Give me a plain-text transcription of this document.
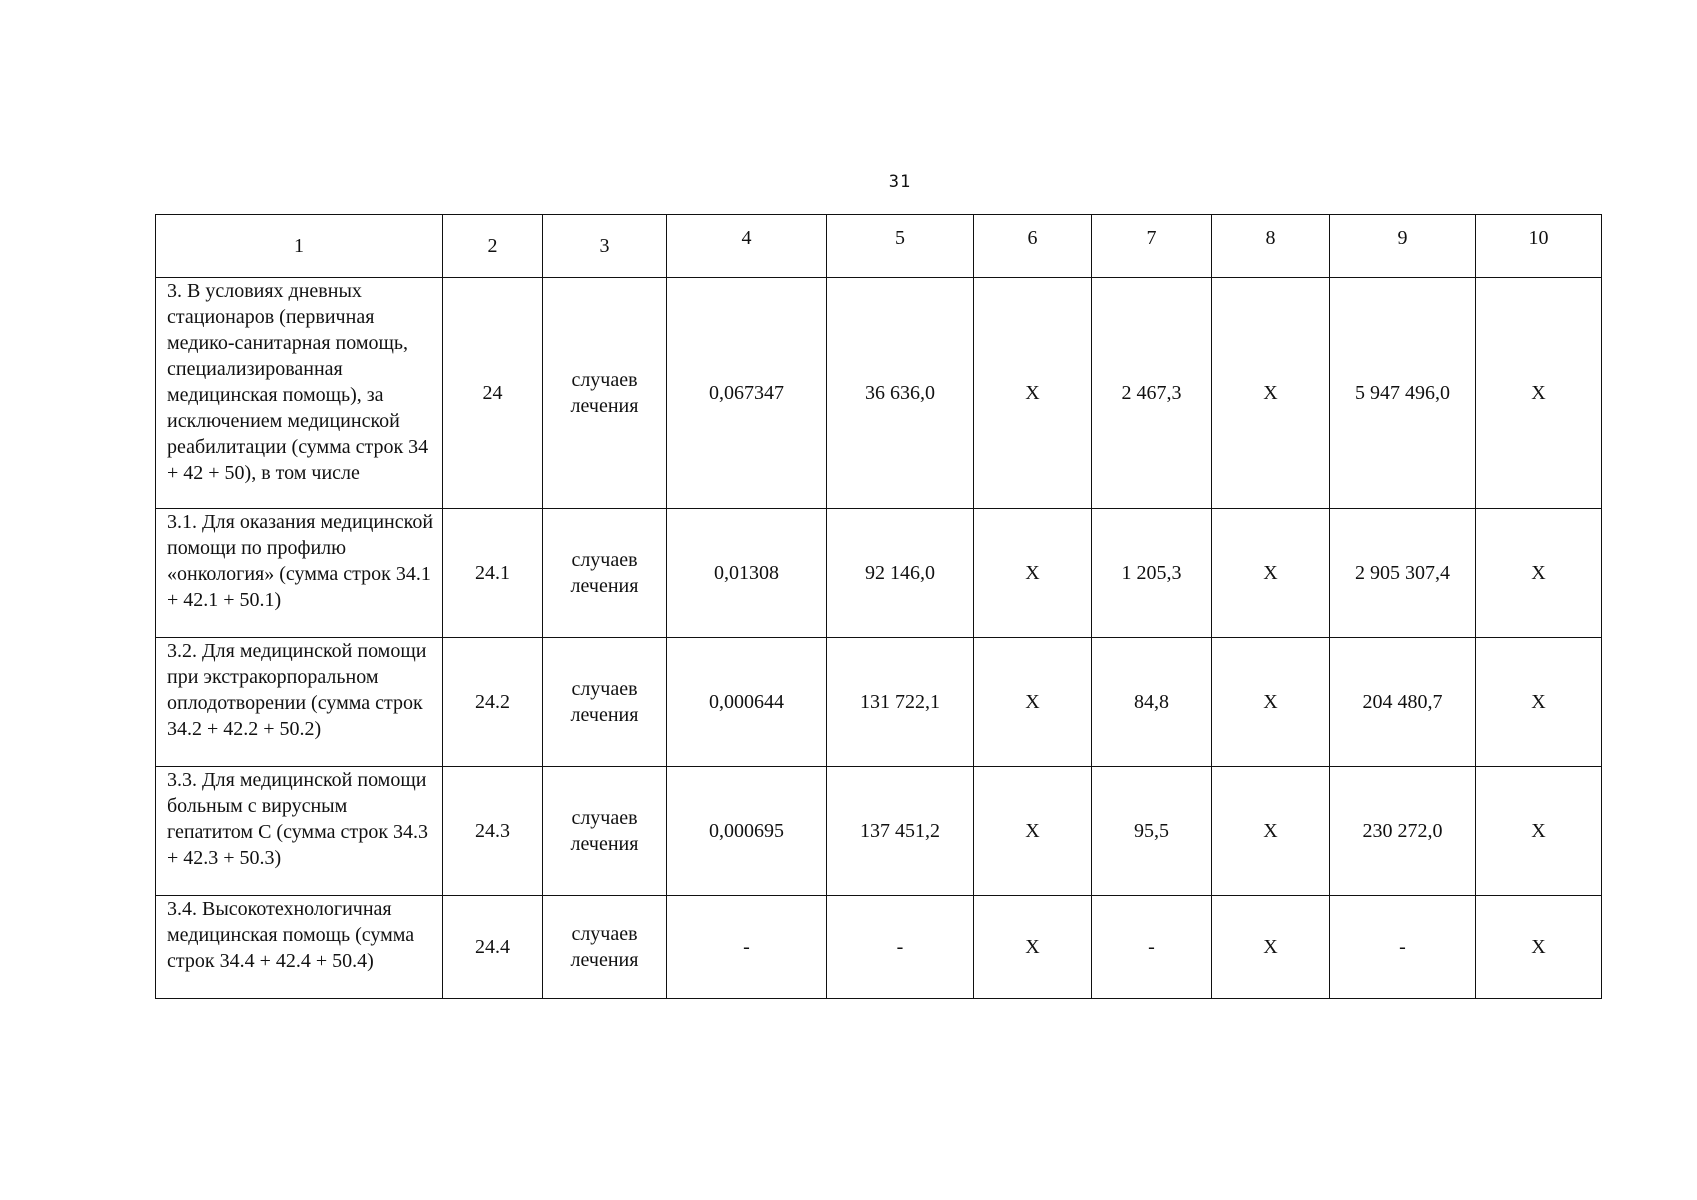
31
1	2	3	4	5	6	7	8	9	10
3. В условиях дневных стационаров (первичная медико-санитарная помощь, специализированная медицинская помощь), за исключением медицинской реабилитации (сумма строк 34 + 42 + 50), в том числе	24	случаев лечения	0,067347	36 636,0	X	2 467,3	X	5 947 496,0	X
3.1. Для оказания медицинской помощи по профилю «онкология» (сумма строк 34.1 + 42.1 + 50.1)	24.1	случаев лечения	0,01308	92 146,0	X	1 205,3	X	2 905 307,4	X
3.2. Для медицинской помощи при экстракорпоральном оплодотворении (сумма строк 34.2 + 42.2 + 50.2)	24.2	случаев лечения	0,000644	131 722,1	X	84,8	X	204 480,7	X
3.3. Для медицинской помощи больным с вирусным гепатитом С (сумма строк 34.3 + 42.3 + 50.3)	24.3	случаев лечения	0,000695	137 451,2	X	95,5	X	230 272,0	X
3.4. Высокотехнологичная медицинская помощь (сумма строк 34.4 + 42.4 + 50.4)	24.4	случаев лечения	-	-	X	-	X	-	X
